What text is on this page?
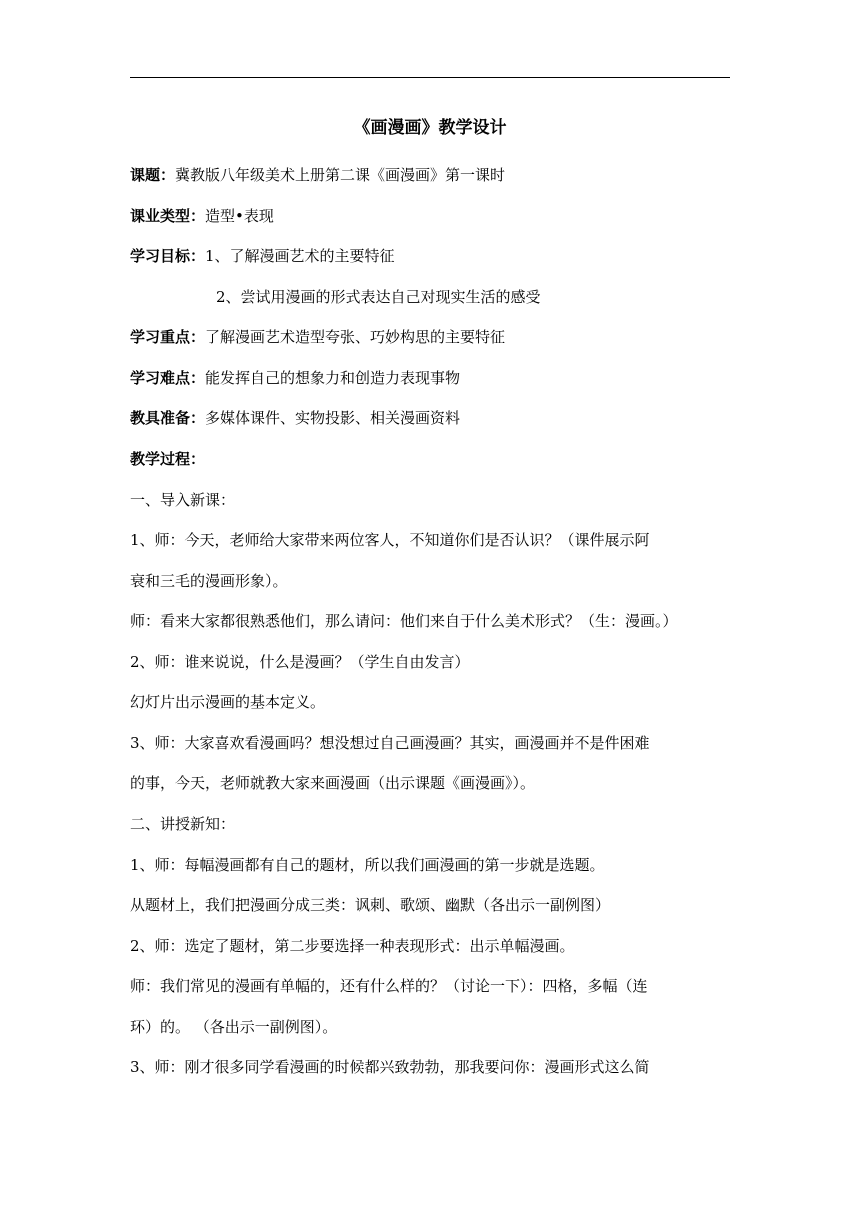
《画漫画》教学设计
课题：冀教版八年级美术上册第二课《画漫画》第一课时
课业类型：造型•表现
学习目标：1、了解漫画艺术的主要特征
2、尝试用漫画的形式表达自己对现实生活的感受
学习重点：了解漫画艺术造型夸张、巧妙构思的主要特征
学习难点：能发挥自己的想象力和创造力表现事物
教具准备：多媒体课件、实物投影、相关漫画资料
教学过程：
一、导入新课：
1、师：今天，老师给大家带来两位客人，不知道你们是否认识？（课件展示阿
衰和三毛的漫画形象）。
师：看来大家都很熟悉他们，那么请问：他们来自于什么美术形式？（生：漫画。）
2、师：谁来说说，什么是漫画？（学生自由发言）
幻灯片出示漫画的基本定义。
3、师：大家喜欢看漫画吗？想没想过自己画漫画？其实，画漫画并不是件困难
的事，今天，老师就教大家来画漫画（出示课题《画漫画》）。
二、讲授新知：
1、师：每幅漫画都有自己的题材，所以我们画漫画的第一步就是选题。
从题材上，我们把漫画分成三类：讽刺、歌颂、幽默（各出示一副例图）
2、师：选定了题材，第二步要选择一种表现形式：出示单幅漫画。
师：我们常见的漫画有单幅的，还有什么样的？（讨论一下）：四格，多幅（连
环）的。 （各出示一副例图）。
3、师：刚才很多同学看漫画的时候都兴致勃勃，那我要问你：漫画形式这么简
